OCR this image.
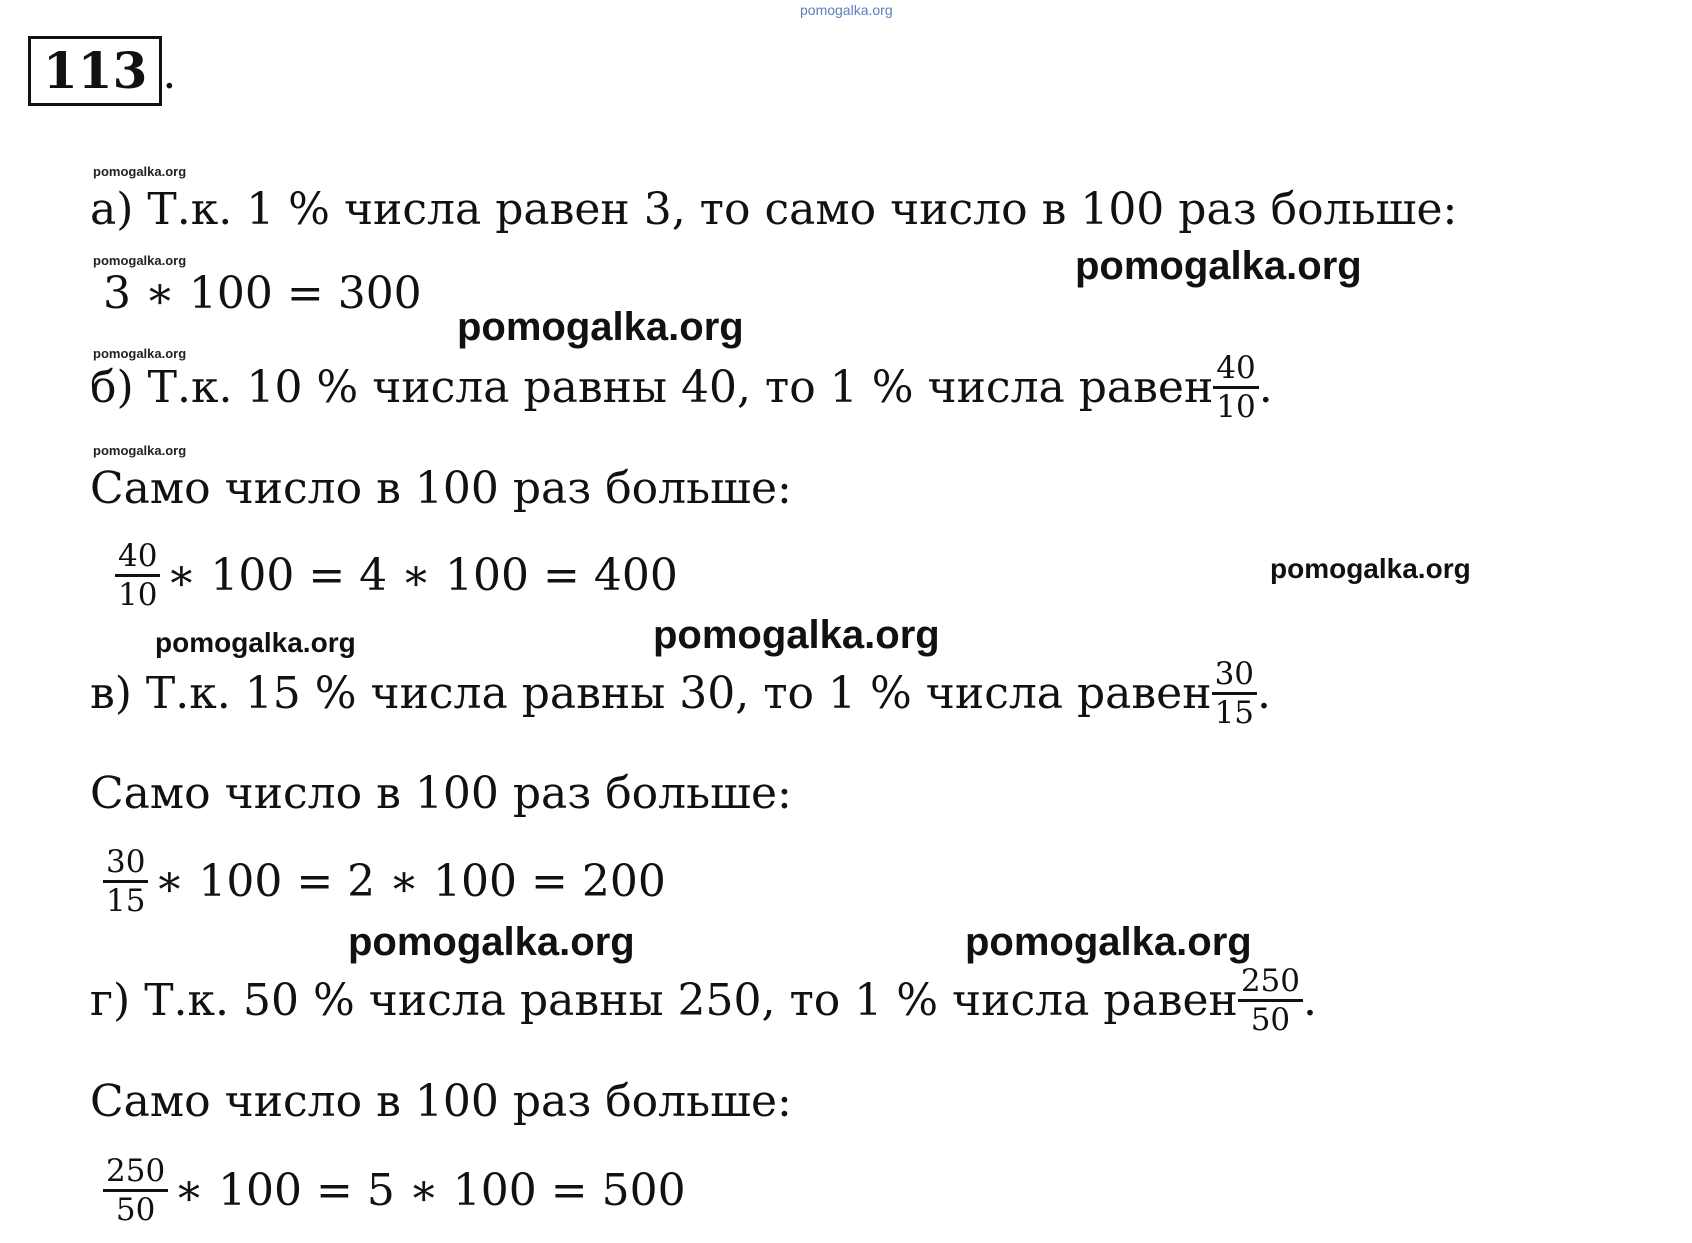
pomogalka.org
113 .
pomogalka.org
pomogalka.org
pomogalka.org
pomogalka.org
а) Т.к. 1 % числа равен 3, то само число в 100 раз больше:
3 ∗ 100 = 300
pomogalka.org
pomogalka.org
б) Т.к. 10 % числа равны 40, то 1 % числа равен $\frac{40}{10}$ .
Само число в 100 раз больше:
$\frac{40}{10}$ ∗ 100 = 4 ∗ 100 = 400	pomogalka.org
pomogalka.org
pomogalka.org
в) Т.к. 15 % числа равны 30, то 1 % числа равен $\frac{30}{15}$ .
Само число в 100 раз больше:
$\frac{30}{15}$ ∗ 100 = 2 ∗ 100 = 200
pomogalka.org	pomogalka.org
г) Т.к. 50 % числа равны 250, то 1 % числа равен $\frac{250}{50}$ .
Само число в 100 раз больше:
$\frac{250}{50}$ ∗ 100 = 5 ∗ 100 = 500
